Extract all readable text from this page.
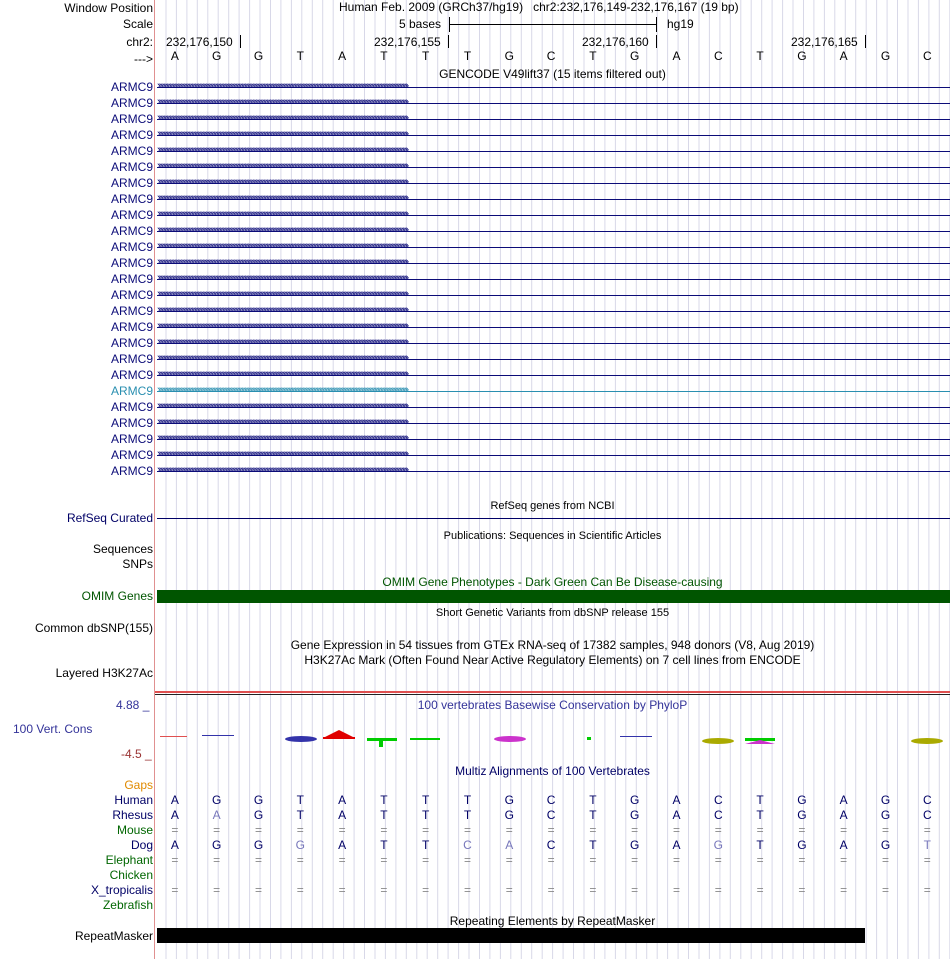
Window Position
Scale
chr2:
--->
Human Feb. 2009 (GRCh37/hg19)   chr2:232,176,149-232,176,167 (19 bp)
5 bases	hg19
232,176,150	232,176,155	232,176,160	232,176,165
A	G	G	T	A	T	T	T	G	C	T	G	A	C	T	G	A	G	C
GENCODE V49lift37 (15 items filtered out)
ARMC9 ››››››››››››››››››››››››››››››››››››››››››››››››››››››››››››››››››››››››››››››››››››››››››››››››››››››››››››››››››››››››››››››››››››››››››››››››››››››››››››››››
ARMC9 ››››››››››››››››››››››››››››››››››››››››››››››››››››››››››››››››››››››››››››››››››››››››››››››››››››››››››››››››››››››››››››››››››››››››››››››››››››››››››››››››
ARMC9 ››››››››››››››››››››››››››››››››››››››››››››››››››››››››››››››››››››››››››››››››››››››››››››››››››››››››››››››››››››››››››››››››››››››››››››››››››››››››››››››››
ARMC9 ››››››››››››››››››››››››››››››››››››››››››››››››››››››››››››››››››››››››››››››››››››››››››››››››››››››››››››››››››››››››››››››››››››››››››››››››››››››››››››››››
ARMC9 ››››››››››››››››››››››››››››››››››››››››››››››››››››››››››››››››››››››››››››››››››››››››››››››››››››››››››››››››››››››››››››››››››››››››››››››››››››››››››››››››
ARMC9 ››››››››››››››››››››››››››››››››››››››››››››››››››››››››››››››››››››››››››››››››››››››››››››››››››››››››››››››››››››››››››››››››››››››››››››››››››››››››››››››››
ARMC9 ››››››››››››››››››››››››››››››››››››››››››››››››››››››››››››››››››››››››››››››››››››››››››››››››››››››››››››››››››››››››››››››››››››››››››››››››››››››››››››››››
ARMC9 ››››››››››››››››››››››››››››››››››››››››››››››››››››››››››››››››››››››››››››››››››››››››››››››››››››››››››››››››››››››››››››››››››››››››››››››››››››››››››››››››
ARMC9 ››››››››››››››››››››››››››››››››››››››››››››››››››››››››››››››››››››››››››››››››››››››››››››››››››››››››››››››››››››››››››››››››››››››››››››››››››››››››››››››››
ARMC9 ››››››››››››››››››››››››››››››››››››››››››››››››››››››››››››››››››››››››››››››››››››››››››››››››››››››››››››››››››››››››››››››››››››››››››››››››››››››››››››››››
ARMC9 ››››››››››››››››››››››››››››››››››››››››››››››››››››››››››››››››››››››››››››››››››››››››››››››››››››››››››››››››››››››››››››››››››››››››››››››››››››››››››››››››
ARMC9 ››››››››››››››››››››››››››››››››››››››››››››››››››››››››››››››››››››››››››››››››››››››››››››››››››››››››››››››››››››››››››››››››››››››››››››››››››››››››››››››››
ARMC9 ››››››››››››››››››››››››››››››››››››››››››››››››››››››››››››››››››››››››››››››››››››››››››››››››››››››››››››››››››››››››››››››››››››››››››››››››››››››››››››››››
ARMC9 ››››››››››››››››››››››››››››››››››››››››››››››››››››››››››››››››››››››››››››››››››››››››››››››››››››››››››››››››››››››››››››››››››››››››››››››››››››››››››››››››
ARMC9 ››››››››››››››››››››››››››››››››››››››››››››››››››››››››››››››››››››››››››››››››››››››››››››››››››››››››››››››››››››››››››››››››››››››››››››››››››››››››››››››››
ARMC9 ››››››››››››››››››››››››››››››››››››››››››››››››››››››››››››››››››››››››››››››››››››››››››››››››››››››››››››››››››››››››››››››››››››››››››››››››››››››››››››››››
ARMC9 ››››››››››››››››››››››››››››››››››››››››››››››››››››››››››››››››››››››››››››››››››››››››››››››››››››››››››››››››››››››››››››››››››››››››››››››››››››››››››››››››
ARMC9 ››››››››››››››››››››››››››››››››››››››››››››››››››››››››››››››››››››››››››››››››››››››››››››››››››››››››››››››››››››››››››››››››››››››››››››››››››››››››››››››››
ARMC9 ››››››››››››››››››››››››››››››››››››››››››››››››››››››››››››››››››››››››››››››››››››››››››››››››››››››››››››››››››››››››››››››››››››››››››››››››››››››››››››››››
ARMC9 ››››››››››››››››››››››››››››››››››››››››››››››››››››››››››››››››››››››››››››››››››››››››››››››››››››››››››››››››››››››››››››››››››››››››››››››››››››››››››››››››
ARMC9 ››››››››››››››››››››››››››››››››››››››››››››››››››››››››››››››››››››››››››››››››››››››››››››››››››››››››››››››››››››››››››››››››››››››››››››››››››››››››››››››››
ARMC9 ››››››››››››››››››››››››››››››››››››››››››››››››››››››››››››››››››››››››››››››››››››››››››››››››››››››››››››››››››››››››››››››››››››››››››››››››››››››››››››››››
ARMC9 ››››››››››››››››››››››››››››››››››››››››››››››››››››››››››››››››››››››››››››››››››››››››››››››››››››››››››››››››››››››››››››››››››››››››››››››››››››››››››››››››
ARMC9 ››››››››››››››››››››››››››››››››››››››››››››››››››››››››››››››››››››››››››››››››››››››››››››››››››››››››››››››››››››››››››››››››››››››››››››››››››››››››››››››››
ARMC9 ››››››››››››››››››››››››››››››››››››››››››››››››››››››››››››››››››››››››››››››››››››››››››››››››››››››››››››››››››››››››››››››››››››››››››››››››››››››››››››››››
RefSeq genes from NCBI
RefSeq Curated
Publications: Sequences in Scientific Articles
Sequences
SNPs
OMIM Gene Phenotypes - Dark Green Can Be Disease-causing
OMIM Genes
Short Genetic Variants from dbSNP release 155
Common dbSNP(155)
Gene Expression in 54 tissues from GTEx RNA-seq of 17382 samples, 948 donors (V8, Aug 2019)
H3K27Ac Mark (Often Found Near Active Regulatory Elements) on 7 cell lines from ENCODE
Layered H3K27Ac
100 vertebrates Basewise Conservation by PhyloP
4.88 _
100 Vert. Cons
-4.5 _
Multiz Alignments of 100 Vertebrates
Gaps
Human	A	G	G	T	A	T	T	T	G	C	T	G	A	C	T	G	A	G	C
Rhesus	A	A	G	T	A	T	T	T	G	C	T	G	A	C	T	G	A	G	C
Mouse	=	=	=	=	=	=	=	=	=	=	=	=	=	=	=	=	=	=	=
Dog	A	G	G	G	A	T	T	C	A	C	T	G	A	G	T	G	A	G	T
Elephant	=	=	=	=	=	=	=	=	=	=	=	=	=	=	=	=	=	=	=
Chicken
X_tropicalis	=	=	=	=	=	=	=	=	=	=	=	=	=	=	=	=	=	=	=
Zebrafish
Repeating Elements by RepeatMasker
RepeatMasker
